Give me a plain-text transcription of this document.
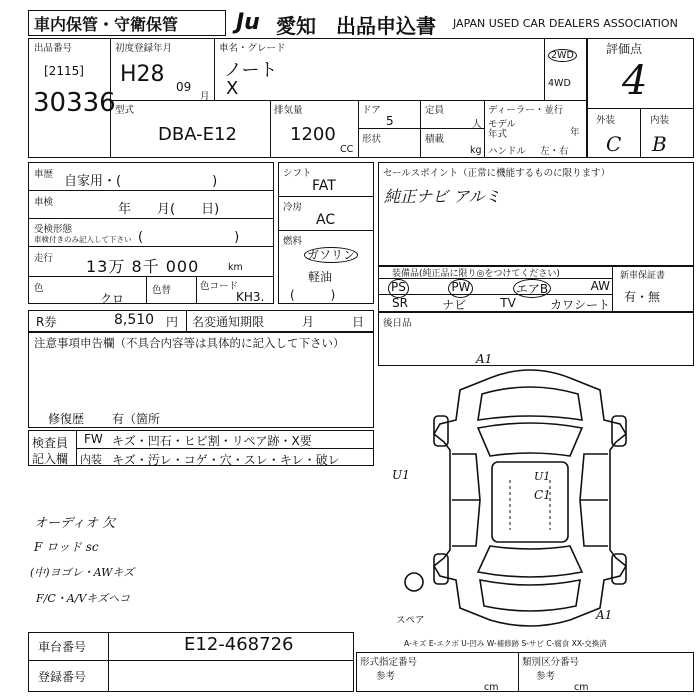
車内保管・守衛保管	Ju 愛知 出品申込書 JAPAN USED CAR DEALERS ASSOCIATION
出品番号
[2115]
30336
初度登録年月
H28 09
月
車名・グレード
ノート
X
2WD
4WD
評価点
4
外装	内装
C B
型式
DBA-E12
排気量
1200
CC
ドア
5
定員
人
形状	積載
kg
ディーラー・並行
モデル 年式	年
ハンドル 左・右
車歴 自家用・(　　　　　　　)
車検	年　　月(　　日)
受検形態
車検付きのみ記入して下さい (　　　　　　　)
走行 13万 8千 000	km
色
クロ
色替	色コード
KH3.
シフト
FAT
冷房
AC
燃料
ガソリン
軽油
(　　　)
セールスポイント（正常に機能するものに限ります）
純正ナビ アルミ
装備品(純正品に限り◎をつけてください)
PS	PW	エアB	AW
SR	ナビ	TV	カワシート
新車保証書
有・無
R券	8,510 円 名変通知期限	月	日
注意事項申告欄（不具合内容等は具体的に記入して下さい）
修復歴 有（箇所
後日品
検査員
記入欄
FW キズ・凹石・ヒビ割・リペア跡・X要
内装 キズ・汚レ・コゲ・穴・スレ・キレ・破レ
オーディオ 欠
F ロッド sc
(中)ヨゴレ・AWキズ
F/C・A/Vキズヘコ
A1
U1	U1
C1
A1
スペア
A-キズ E-エクボ U-凹み W-補修跡 S-サビ C-腐食 XX-交換済
車台番号	E12-468726
登録番号
形式指定番号
参考
cm
類別区分番号
参考
cm
